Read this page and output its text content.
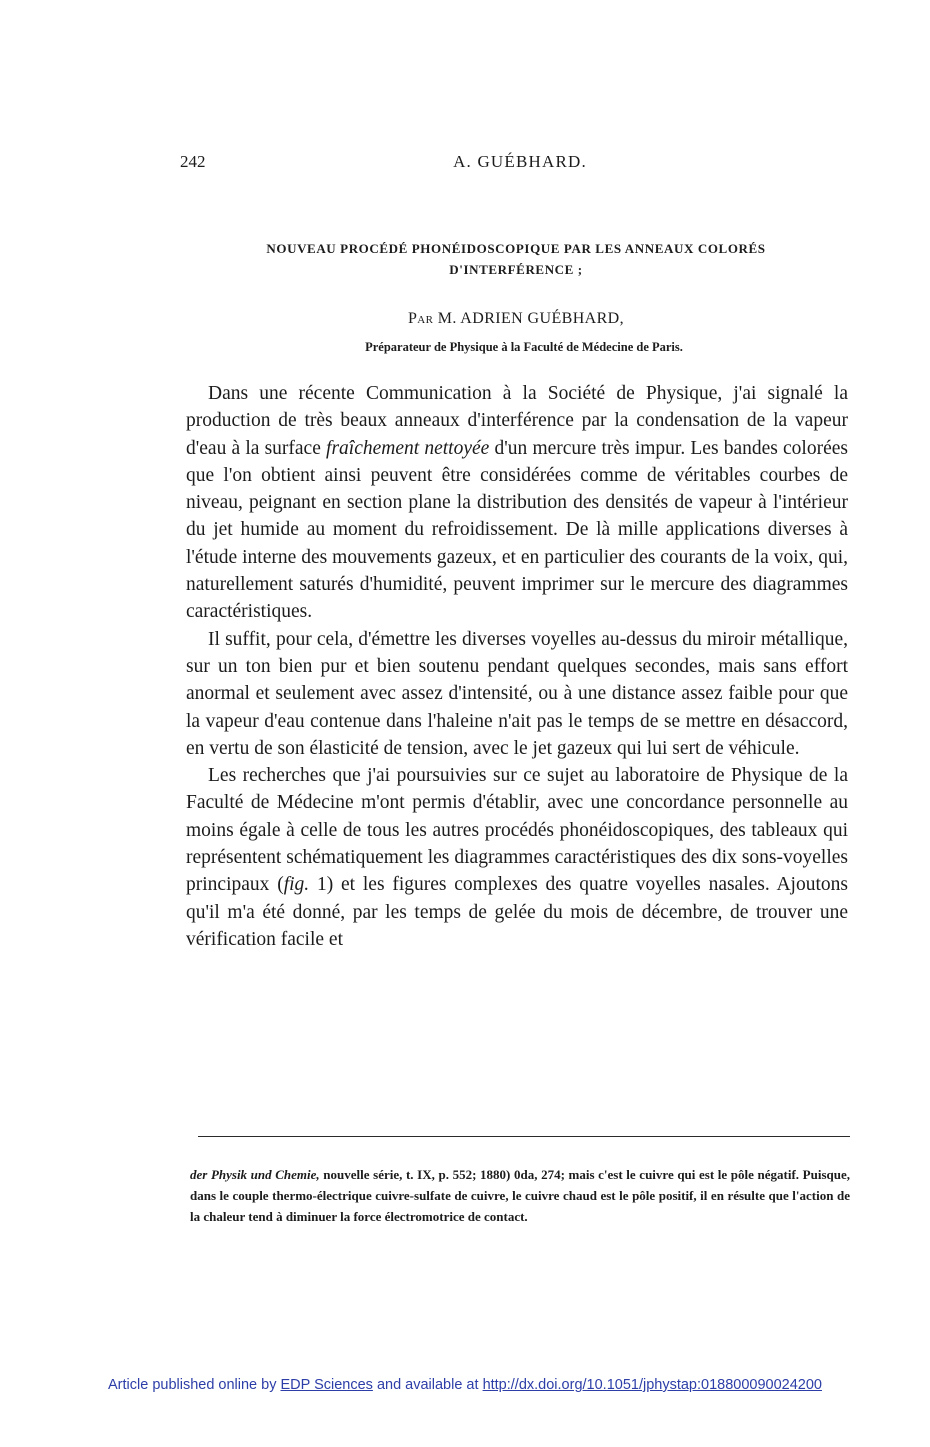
242	A. GUÉBHARD.
NOUVEAU PROCÉDÉ PHONÉIDOSCOPIQUE PAR LES ANNEAUX COLORÉS
D'INTERFÉRENCE ;
Par M. ADRIEN GUÉBHARD,
Préparateur de Physique à la Faculté de Médecine de Paris.

Dans une récente Communication à la Société de Physique, j'ai signalé la production de très beaux anneaux d'interférence par la condensation de la vapeur d'eau à la surface fraîchement nettoyée d'un mercure très impur. Les bandes colorées que l'on obtient ainsi peuvent être considérées comme de véritables courbes de niveau, peignant en section plane la distribution des densités de vapeur à l'intérieur du jet humide au moment du refroidissement. De là mille applications diverses à l'étude interne des mouvements gazeux, et en particulier des courants de la voix, qui, naturellement saturés d'humidité, peuvent imprimer sur le mercure des diagrammes caractéristiques.

Il suffit, pour cela, d'émettre les diverses voyelles au-dessus du miroir métallique, sur un ton bien pur et bien soutenu pendant quelques secondes, mais sans effort anormal et seulement avec assez d'intensité, ou à une distance assez faible pour que la vapeur d'eau contenue dans l'haleine n'ait pas le temps de se mettre en désaccord, en vertu de son élasticité de tension, avec le jet gazeux qui lui sert de véhicule.

Les recherches que j'ai poursuivies sur ce sujet au laboratoire de Physique de la Faculté de Médecine m'ont permis d'établir, avec une concordance personnelle au moins égale à celle de tous les autres procédés phonéidoscopiques, des tableaux qui représentent schématiquement les diagrammes caractéristiques des dix sons-voyelles principaux (fig. 1) et les figures complexes des quatre voyelles nasales. Ajoutons qu'il m'a été donné, par les temps de gelée du mois de décembre, de trouver une vérification facile et

der Physik und Chemie, nouvelle série, t. IX, p. 552; 1880) 0da, 274; mais c'est le cuivre qui est le pôle négatif. Puisque, dans le couple thermo-électrique cuivre-sulfate de cuivre, le cuivre chaud est le pôle positif, il en résulte que l'action de la chaleur tend à diminuer la force électromotrice de contact.
Article published online by EDP Sciences and available at http://dx.doi.org/10.1051/jphystap:018800090024200
